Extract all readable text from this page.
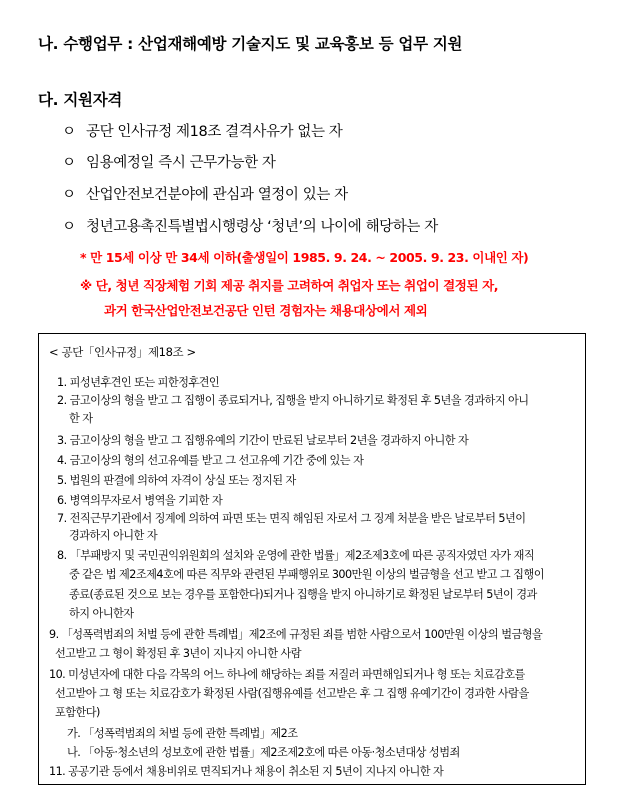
나. 수행업무 : 산업재해예방 기술지도 및 교육홍보 등 업무 지원
다. 지원자격
ㅇ 공단 인사규정 제18조 결격사유가 없는 자
ㅇ 임용예정일 즉시 근무가능한 자
ㅇ 산업안전보건분야에 관심과 열정이 있는 자
ㅇ 청년고용촉진특별법시행령상 ‘청년’의 나이에 해당하는 자
* 만 15세 이상 만 34세 이하(출생일이 1985. 9. 24. ~ 2005. 9. 23. 이내인 자)
※ 단, 청년 직장체험 기회 제공 취지를 고려하여 취업자 또는 취업이 결정된 자,
과거 한국산업안전보건공단 인턴 경험자는 채용대상에서 제외
< 공단「인사규정」제18조 >
1. 피성년후견인 또는 피한정후견인
2. 금고이상의 형을 받고 그 집행이 종료되거나, 집행을 받지 아니하기로 확정된 후 5년을 경과하지 아니
한 자
3. 금고이상의 형을 받고 그 집행유예의 기간이 만료된 날로부터 2년을 경과하지 아니한 자
4. 금고이상의 형의 선고유예를 받고 그 선고유예 기간 중에 있는 자
5. 법원의 판결에 의하여 자격이 상실 또는 정지된 자
6. 병역의무자로서 병역을 기피한 자
7. 전직근무기관에서 징계에 의하여 파면 또는 면직 해임된 자로서 그 징계 처분을 받은 날로부터 5년이
경과하지 아니한 자
8. 「부패방지 및 국민권익위원회의 설치와 운영에 관한 법률」제2조제3호에 따른 공직자였던 자가 재직
중 같은 법 제2조제4호에 따른 직무와 관련된 부패행위로 300만원 이상의 벌금형을 선고 받고 그 집행이
종료(종료된 것으로 보는 경우를 포함한다)되거나 집행을 받지 아니하기로 확정된 날로부터 5년이 경과
하지 아니한자
9. 「성폭력범죄의 처벌 등에 관한 특례법」제2조에 규정된 죄를 범한 사람으로서 100만원 이상의 벌금형을
선고받고 그 형이 확정된 후 3년이 지나지 아니한 사람
10. 미성년자에 대한 다음 각목의 어느 하나에 해당하는 죄를 저질러 파면해임되거나 형 또는 치료감호를
선고받아 그 형 또는 치료감호가 확정된 사람(집행유예를 선고받은 후 그 집행 유예기간이 경과한 사람을
포함한다)
가. 「성폭력범죄의 처벌 등에 관한 특례법」제2조
나. 「아동·청소년의 성보호에 관한 법률」제2조제2호에 따른 아동·청소년대상 성범죄
11. 공공기관 등에서 채용비위로 면직되거나 채용이 취소된 지 5년이 지나지 아니한 자
